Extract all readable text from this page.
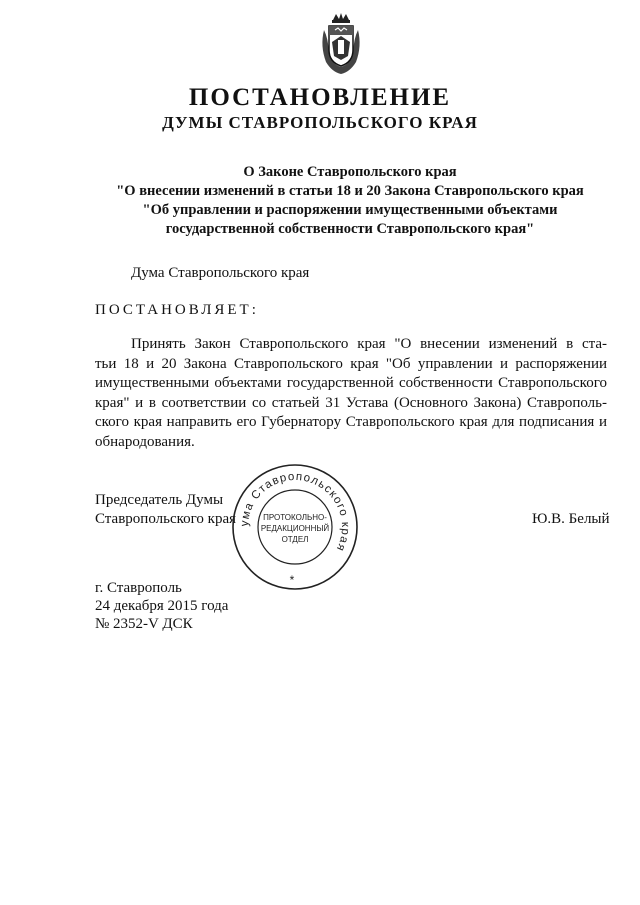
ПОСТАНОВЛЕНИЕ
ДУМЫ СТАВРОПОЛЬСКОГО КРАЯ
О Законе Ставропольского края
"О внесении изменений в статьи 18 и 20 Закона Ставропольского края
"Об управлении и распоряжении имущественными объектами
государственной собственности Ставропольского края"
Дума Ставропольского края
ПОСТАНОВЛЯЕТ:
Принять Закон Ставропольского края "О внесении изменений в ста-
тьи 18 и 20 Закона Ставропольского края "Об управлении и распоряжении
имущественными объектами государственной собственности Ставропольского
края" и в соответствии со статьей 31 Устава (Основного Закона) Ставрополь-
ского края направить его Губернатору Ставропольского края для подписания и
обнародования.
Председатель Думы
Ставропольского края	Ю.В. Белый
ума Ставропольского края
ПРОТОКОЛЬНО-
РЕДАКЦИОННЫЙ
ОТДЕЛ
*
г. Ставрополь
24 декабря 2015 года
№ 2352-V ДСК
